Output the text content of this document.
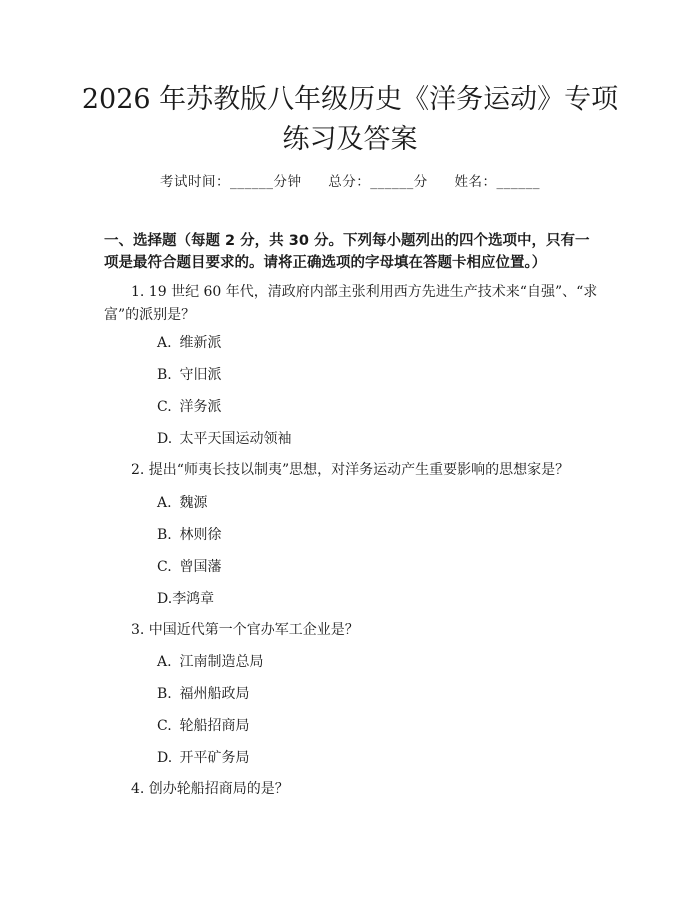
2026 年苏教版八年级历史《洋务运动》专项
练习及答案
考试时间：______分钟 总分：______分 姓名：______

一、选择题（每题 2 分，共 30 分。下列每小题列出的四个选项中，只有一项是最符合题目要求的。请将正确选项的字母填在答题卡相应位置。）

1. 19 世纪 60 年代，清政府内部主张利用西方先进生产技术来“自强”、“求富”的派别是？

A. 维新派
B. 守旧派
C. 洋务派
D. 太平天国运动领袖

2. 提出“师夷长技以制夷”思想，对洋务运动产生重要影响的思想家是？

A. 魏源
B. 林则徐
C. 曾国藩
D.李鸿章

3. 中国近代第一个官办军工企业是？

A. 江南制造总局
B. 福州船政局
C. 轮船招商局
D. 开平矿务局

4. 创办轮船招商局的是？
